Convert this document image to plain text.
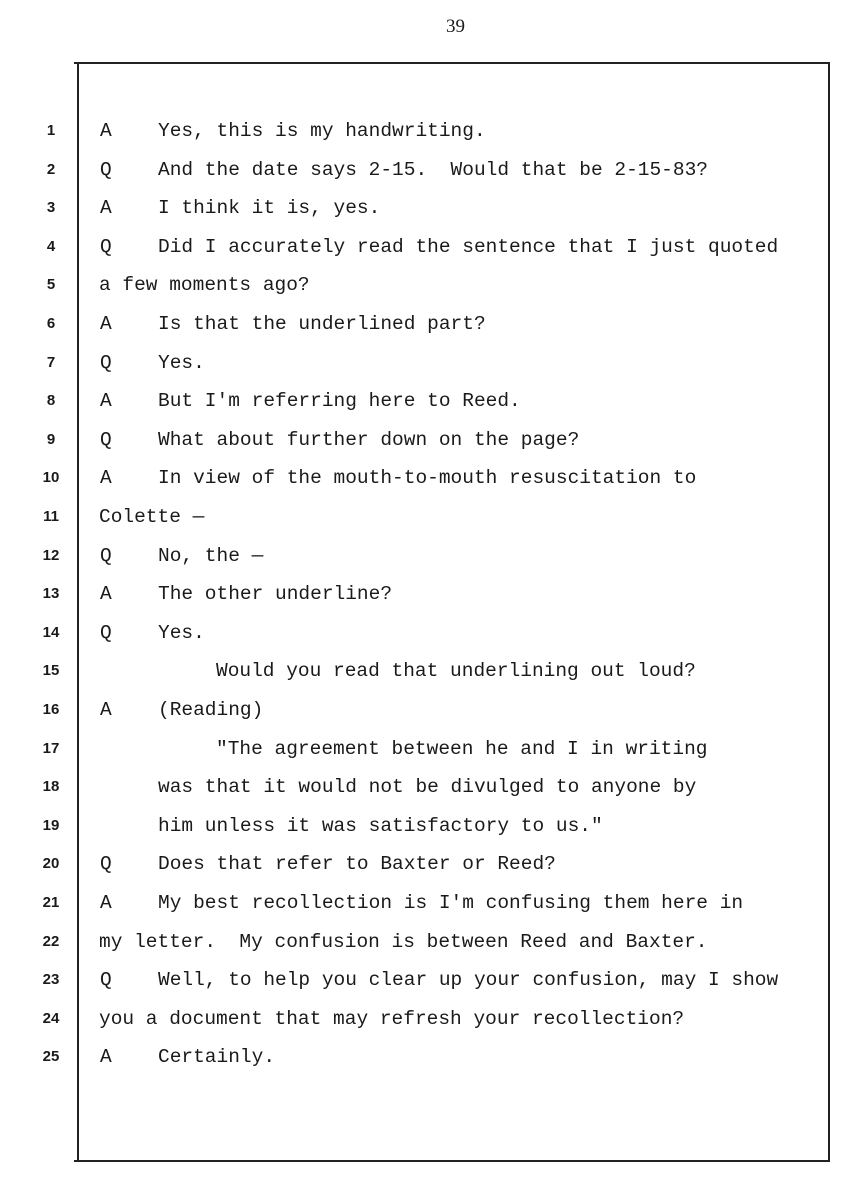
39
1	A Yes, this is my handwriting.
2	Q And the date says 2-15.  Would that be 2-15-83?
3	A I think it is, yes.
4	Q Did I accurately read the sentence that I just quoted
5	a few moments ago?
6	A Is that the underlined part?
7	Q Yes.
8	A But I'm referring here to Reed.
9	Q What about further down on the page?
10	A In view of the mouth-to-mouth resuscitation to
11	Colette —
12	Q No, the —
13	A The other underline?
14	Q Yes.
15	Would you read that underlining out loud?
16	A (Reading)
17	"The agreement between he and I in writing
18	was that it would not be divulged to anyone by
19	him unless it was satisfactory to us."
20	Q Does that refer to Baxter or Reed?
21	A My best recollection is I'm confusing them here in
22	my letter.  My confusion is between Reed and Baxter.
23	Q Well, to help you clear up your confusion, may I show
24	you a document that may refresh your recollection?
25	A Certainly.
